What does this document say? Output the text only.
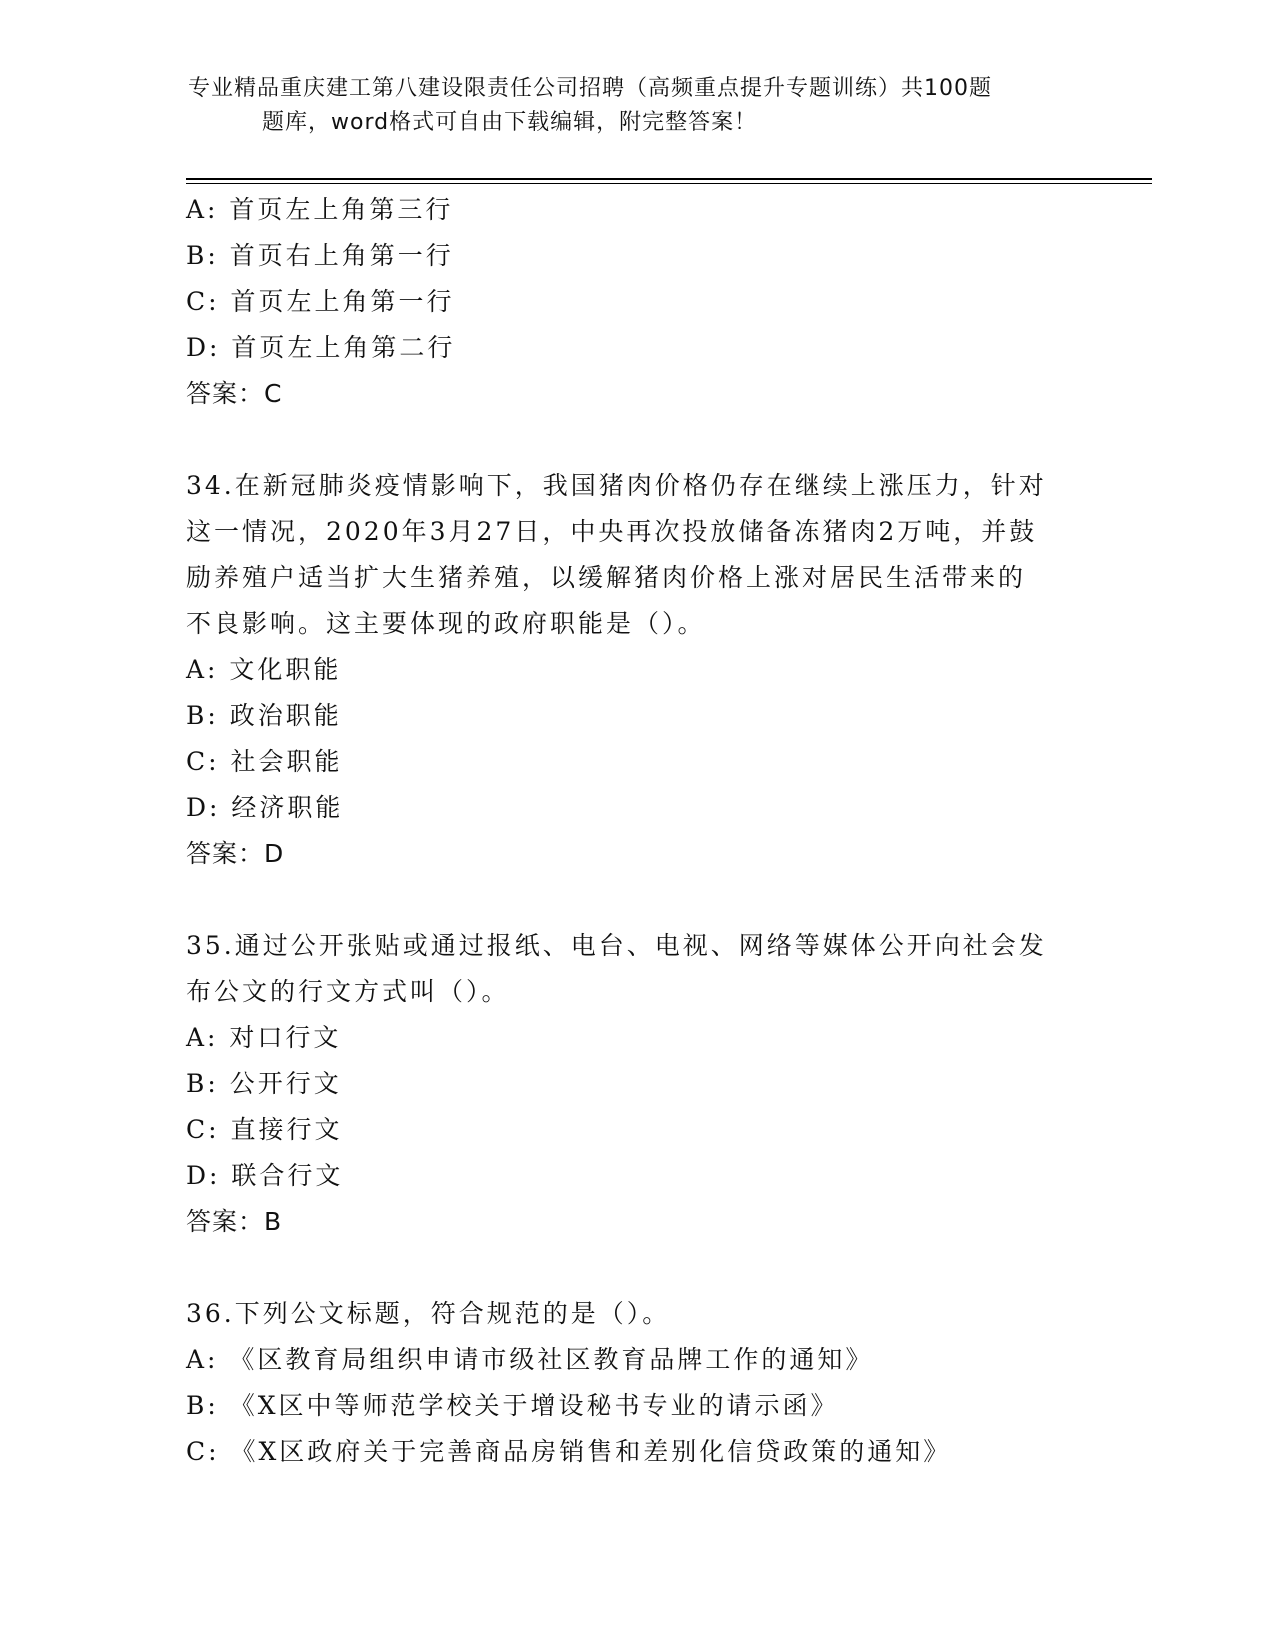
专业精品重庆建工第八建设限责任公司招聘（高频重点提升专题训练）共100题
题库，word格式可自由下载编辑，附完整答案！
A: 首页左上角第三行
B: 首页右上角第一行
C: 首页左上角第一行
D: 首页左上角第二行
答案：C
34.在新冠肺炎疫情影响下，我国猪肉价格仍存在继续上涨压力，针对
这一情况，2020年3月27日，中央再次投放储备冻猪肉2万吨，并鼓
励养殖户适当扩大生猪养殖，以缓解猪肉价格上涨对居民生活带来的
不良影响。这主要体现的政府职能是（）。
A: 文化职能
B: 政治职能
C: 社会职能
D: 经济职能
答案：D
35.通过公开张贴或通过报纸、电台、电视、网络等媒体公开向社会发
布公文的行文方式叫（）。
A: 对口行文
B: 公开行文
C: 直接行文
D: 联合行文
答案：B
36.下列公文标题，符合规范的是（）。
A: 《区教育局组织申请市级社区教育品牌工作的通知》
B: 《X区中等师范学校关于增设秘书专业的请示函》
C: 《X区政府关于完善商品房销售和差别化信贷政策的通知》
